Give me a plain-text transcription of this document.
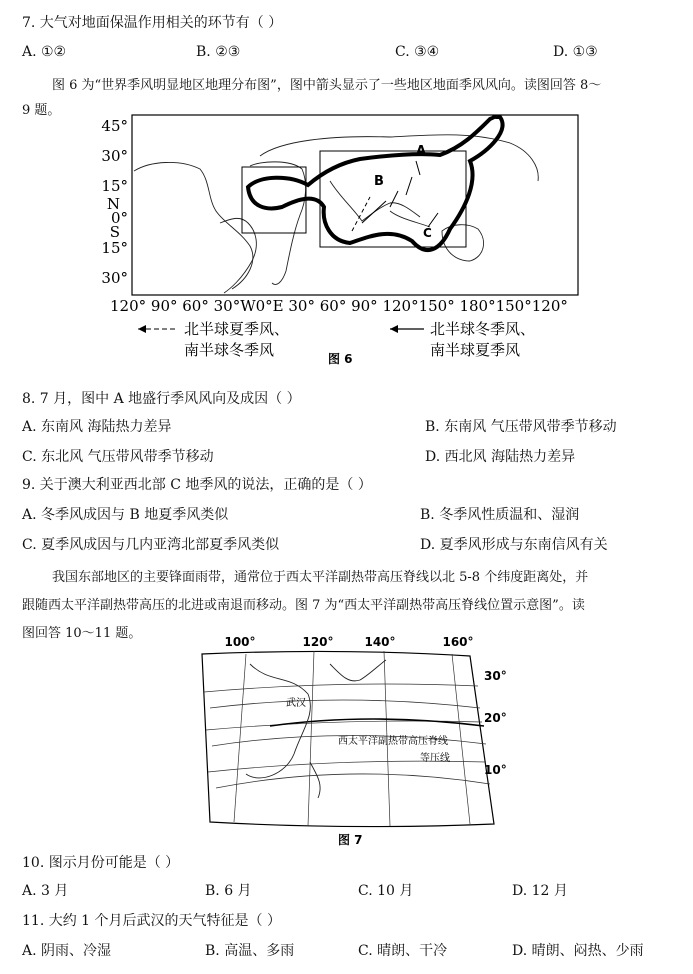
7. 大气对地面保温作用相关的环节有（ ）
A. ①②	B. ②③	C. ③④	D. ①③
图 6 为“世界季风明显地区地理分布图”，图中箭头显示了一些地区地面季风风向。读图回答 8～
9 题。
A
B
C
45°
30°
15°
N
0°
S
15°
30°
120° 90° 60° 30°W0°E 30° 60° 90° 120°150° 180°150°120°
北半球夏季风、
南半球冬季风
北半球冬季风、
南半球夏季风
图 6
8. 7 月，图中 A 地盛行季风风向及成因（ ）
A. 东南风 海陆热力差异	B. 东南风 气压带风带季节移动
C. 东北风 气压带风带季节移动	D. 西北风 海陆热力差异
9. 关于澳大利亚西北部 C 地季风的说法，正确的是（ ）
A. 冬季风成因与 B 地夏季风类似	B. 冬季风性质温和、湿润
C. 夏季风成因与几内亚湾北部夏季风类似	D. 夏季风形成与东南信风有关
我国东部地区的主要锋面雨带，通常位于西太平洋副热带高压脊线以北 5-8 个纬度距离处，并
跟随西太平洋副热带高压的北进或南退而移动。图 7 为“西太平洋副热带高压脊线位置示意图”。读
图回答 10～11 题。
100°	120°	140°	160°
武汉
西太平洋副热带高压脊线
等压线
30°
20°
10°
图 7
10. 图示月份可能是（ ）
A. 3 月	B. 6 月	C. 10 月	D. 12 月
11. 大约 1 个月后武汉的天气特征是（ ）
A. 阴雨、冷湿	B. 高温、多雨	C. 晴朗、干冷	D. 晴朗、闷热、少雨
